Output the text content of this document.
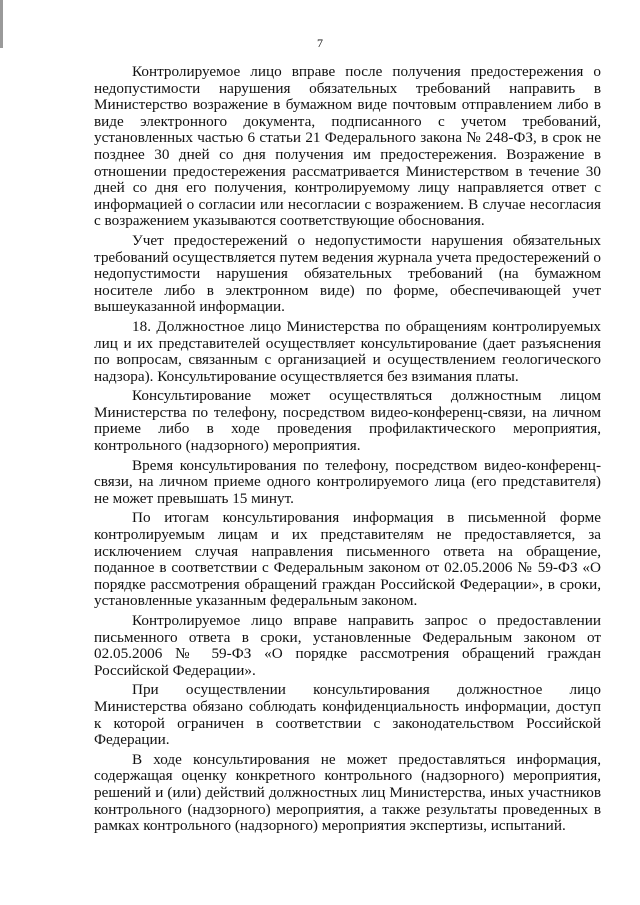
7

Контролируемое лицо вправе после получения предостережения о недопустимости нарушения обязательных требований направить в Министерство возражение в бумажном виде почтовым отправлением либо в виде электронного документа, подписанного с учетом требований, установленных частью 6 статьи 21 Федерального закона № 248-ФЗ, в срок не позднее 30 дней со дня получения им предостережения. Возражение в отношении предостережения рассматривается Министерством в течение 30 дней со дня его получения, контролируемому лицу направляется ответ с информацией о согласии или несогласии с возражением. В случае несогласия с возражением указываются соответствующие обоснования.

Учет предостережений о недопустимости нарушения обязательных требований осуществляется путем ведения журнала учета предостережений о недопустимости нарушения обязательных требований (на бумажном носителе либо в электронном виде) по форме, обеспечивающей учет вышеуказанной информации.

18. Должностное лицо Министерства по обращениям контролируемых лиц и их представителей осуществляет консультирование (дает разъяснения по вопросам, связанным с организацией и осуществлением геологического надзора). Консультирование осуществляется без взимания платы.

Консультирование может осуществляться должностным лицом Министерства по телефону, посредством видео-конференц-связи, на личном приеме либо в ходе проведения профилактического мероприятия, контрольного (надзорного) мероприятия.

Время консультирования по телефону, посредством видео-конференц-связи, на личном приеме одного контролируемого лица (его представителя) не может превышать 15 минут.

По итогам консультирования информация в письменной форме контролируемым лицам и их представителям не предоставляется, за исключением случая направления письменного ответа на обращение, поданное в соответствии с Федеральным законом от 02.05.2006 № 59-ФЗ «О порядке рассмотрения обращений граждан Российской Федерации», в сроки, установленные указанным федеральным законом.

Контролируемое лицо вправе направить запрос о предоставлении письменного ответа в сроки, установленные Федеральным законом от 02.05.2006 № 59-ФЗ «О порядке рассмотрения обращений граждан Российской Федерации».

При осуществлении консультирования должностное лицо Министерства обязано соблюдать конфиденциальность информации, доступ к которой ограничен в соответствии с законодательством Российской Федерации.

В ходе консультирования не может предоставляться информация, содержащая оценку конкретного контрольного (надзорного) мероприятия, решений и (или) действий должностных лиц Министерства, иных участников контрольного (надзорного) мероприятия, а также результаты проведенных в рамках контрольного (надзорного) мероприятия экспертизы, испытаний.
